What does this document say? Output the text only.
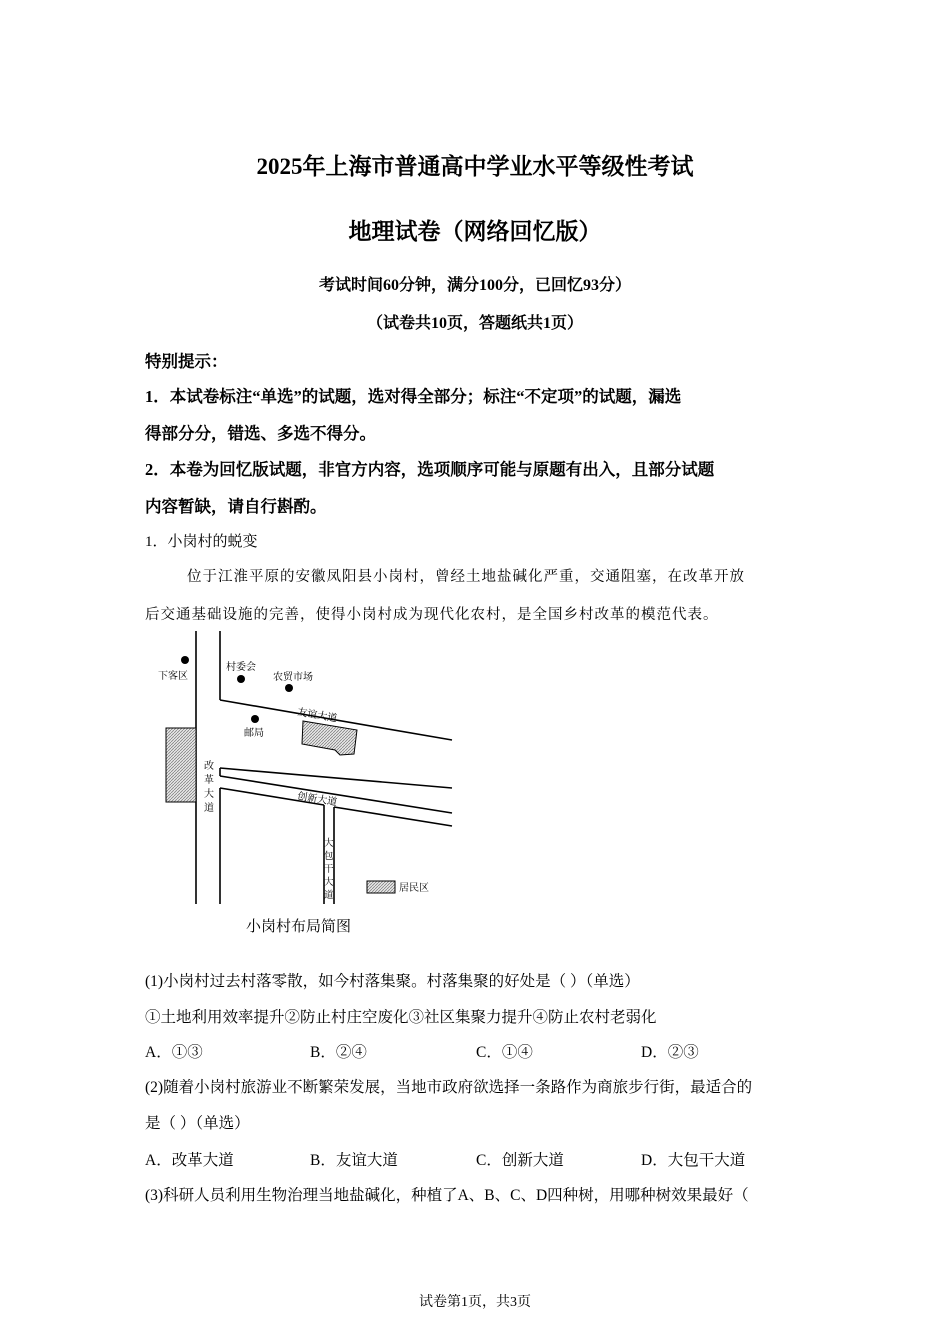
2025年上海市普通高中学业水平等级性考试
地理试卷（网络回忆版）
考试时间60分钟，满分100分，已回忆93分）
（试卷共10页，答题纸共1页）
特别提示：
1．本试卷标注“单选”的试题，选对得全部分；标注“不定项”的试题，漏选
得部分分，错选、多选不得分。
2．本卷为回忆版试题，非官方内容，选项顺序可能与原题有出入，且部分试题
内容暂缺，请自行斟酌。
1．小岗村的蜕变
位于江淮平原的安徽凤阳县小岗村，曾经土地盐碱化严重，交通阻塞，在改革开放
后交通基础设施的完善，使得小岗村成为现代化农村，是全国乡村改革的模范代表。
下客区
村委会
农贸市场
邮局
友谊大道
创新大道
改
革
大
道
大
包
干
大
道
居民区
小岗村布局简图
(1)小岗村过去村落零散，如今村落集聚。村落集聚的好处是（ ）（单选）
①土地利用效率提升②防止村庄空废化③社区集聚力提升④防止农村老弱化
A．①③	B．②④	C．①④	D．②③
(2)随着小岗村旅游业不断繁荣发展，当地市政府欲选择一条路作为商旅步行街，最适合的
是（ ）（单选）
A．改革大道	B．友谊大道	C．创新大道	D．大包干大道
(3)科研人员利用生物治理当地盐碱化，种植了A、B、C、D四种树，用哪种树效果最好（
试卷第1页，共3页
